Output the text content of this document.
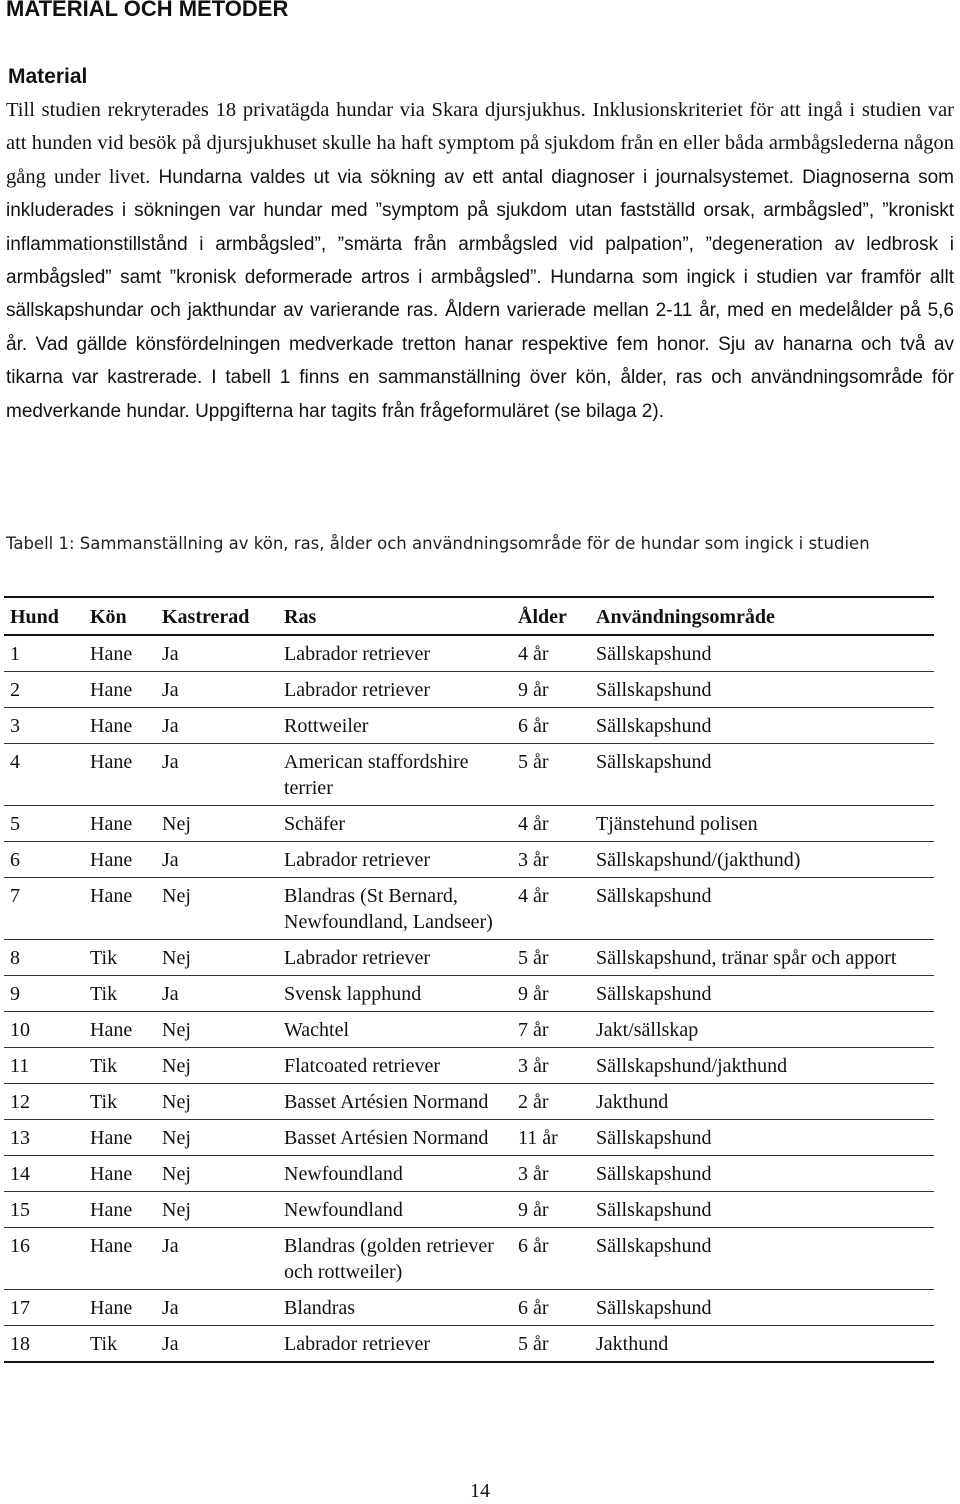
MATERIAL OCH METODER
Material

Till studien rekryterades 18 privatägda hundar via Skara djursjukhus. Inklusionskriteriet för att ingå i studien var att hunden vid besök på djursjukhuset skulle ha haft symptom på sjukdom från en eller båda armbågslederna någon gång under livet. Hundarna valdes ut via sökning av ett antal diagnoser i journalsystemet. Diagnoserna som inkluderades i sökningen var hundar med ”symptom på sjukdom utan fastställd orsak, armbågsled”, ”kroniskt inflammationstillstånd i armbågsled”, ”smärta från armbågsled vid palpation”, ”degeneration av ledbrosk i armbågsled” samt ”kronisk deformerade artros i armbågsled”. Hundarna som ingick i studien var framför allt sällskapshundar och jakthundar av varierande ras. Åldern varierade mellan 2-11 år, med en medelålder på 5,6 år. Vad gällde könsfördelningen medverkade tretton hanar respektive fem honor. Sju av hanarna och två av tikarna var kastrerade. I tabell 1 finns en sammanställning över kön, ålder, ras och användningsområde för medverkande hundar. Uppgifterna har tagits från frågeformuläret (se bilaga 2).

Tabell 1: Sammanställning av kön, ras, ålder och användningsområde för de hundar som ingick i studien

Hund	Kön	Kastrerad	Ras	Ålder	Användningsområde
1	Hane	Ja	Labrador retriever	4 år	Sällskapshund
2	Hane	Ja	Labrador retriever	9 år	Sällskapshund
3	Hane	Ja	Rottweiler	6 år	Sällskapshund
4	Hane	Ja	American staffordshire terrier	5 år	Sällskapshund
5	Hane	Nej	Schäfer	4 år	Tjänstehund polisen
6	Hane	Ja	Labrador retriever	3 år	Sällskapshund/(jakthund)
7	Hane	Nej	Blandras (St Bernard, Newfoundland, Landseer)	4 år	Sällskapshund
8	Tik	Nej	Labrador retriever	5 år	Sällskapshund, tränar spår och apport
9	Tik	Ja	Svensk lapphund	9 år	Sällskapshund
10	Hane	Nej	Wachtel	7 år	Jakt/sällskap
11	Tik	Nej	Flatcoated retriever	3 år	Sällskapshund/jakthund
12	Tik	Nej	Basset Artésien Normand	2 år	Jakthund
13	Hane	Nej	Basset Artésien Normand	11 år	Sällskapshund
14	Hane	Nej	Newfoundland	3 år	Sällskapshund
15	Hane	Nej	Newfoundland	9 år	Sällskapshund
16	Hane	Ja	Blandras (golden retriever och rottweiler)	6 år	Sällskapshund
17	Hane	Ja	Blandras	6 år	Sällskapshund
18	Tik	Ja	Labrador retriever	5 år	Jakthund
14
